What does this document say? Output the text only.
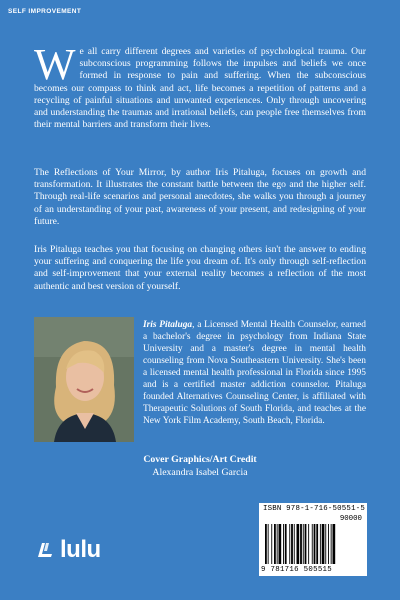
SELF IMPROVEMENT
W e all carry different degrees and varieties of psychological trauma. Our subconscious programming follows the impulses and beliefs we once formed in response to pain and suffering. When the subconscious becomes our compass to think and act, life becomes a repetition of patterns and a recycling of painful situations and unwanted experiences. Only through uncovering and understanding the traumas and irrational beliefs, can people free themselves from their mental barriers and transform their lives.
The Reflections of Your Mirror, by author Iris Pitaluga, focuses on growth and transformation. It illustrates the constant battle between the ego and the higher self. Through real-life scenarios and personal anecdotes, she walks you through a journey of an understanding of your past, awareness of your present, and redesigning of your future.
Iris Pitaluga teaches you that focusing on changing others isn't the answer to ending your suffering and conquering the life you dream of. It's only through self-reflection and self-improvement that your external reality becomes a reflection of the most authentic and best version of yourself.
Iris Pitaluga, a Licensed Mental Health Counselor, earned a bachelor's degree in psychology from Indiana State University and a master's degree in mental health counseling from Nova Southeastern University. She's been a licensed mental health professional in Florida since 1995 and is a certified master addiction counselor. Pitaluga founded Alternatives Counseling Center, is affiliated with Therapeutic Solutions of South Florida, and teaches at the New York Film Academy, South Beach, Florida.
Cover Graphics/Art Credit
Alexandra Isabel Garcia
lulu
ISBN 978-1-716-50551-5
90000
9 781716 505515
